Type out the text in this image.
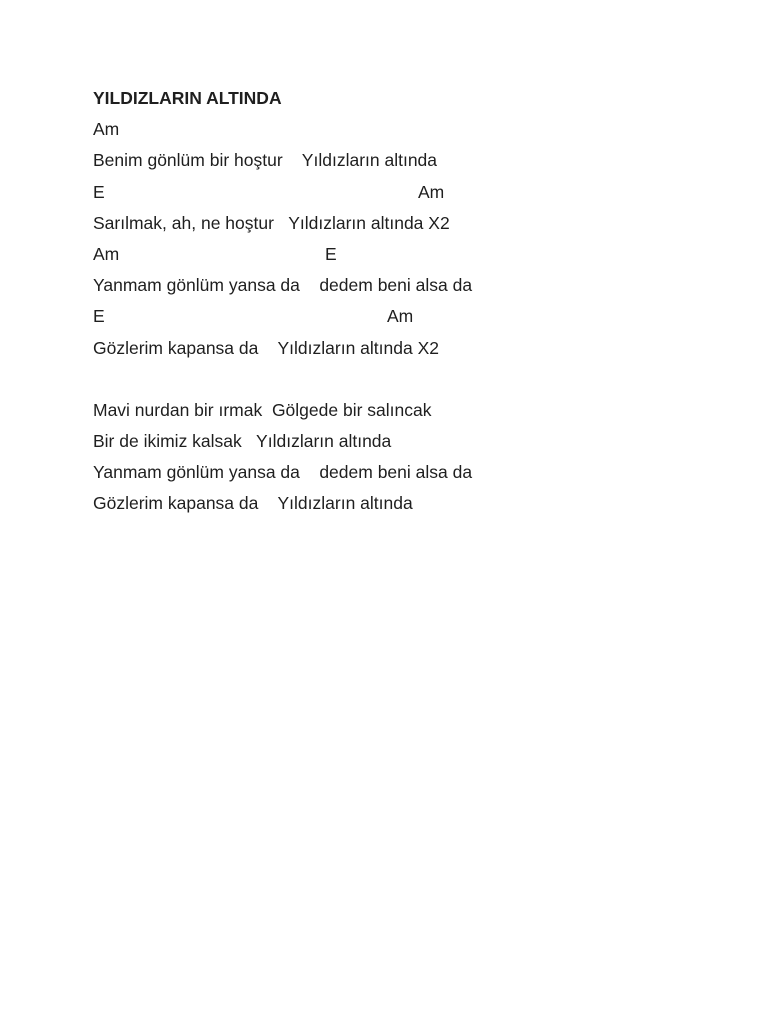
YILDIZLARIN ALTINDA

Am

Benim gönlüm bir hoştur    Yıldızların altında

E

	Am

Sarılmak, ah, ne hoştur   Yıldızların altında X2

Am

	E

Yanmam gönlüm yansa da    dedem beni alsa da

E

	Am

Gözlerim kapansa da    Yıldızların altında X2
Mavi nurdan bir ırmak  Gölgede bir salıncak
Bir de ikimiz kalsak   Yıldızların altında
Yanmam gönlüm yansa da    dedem beni alsa da
Gözlerim kapansa da    Yıldızların altında
